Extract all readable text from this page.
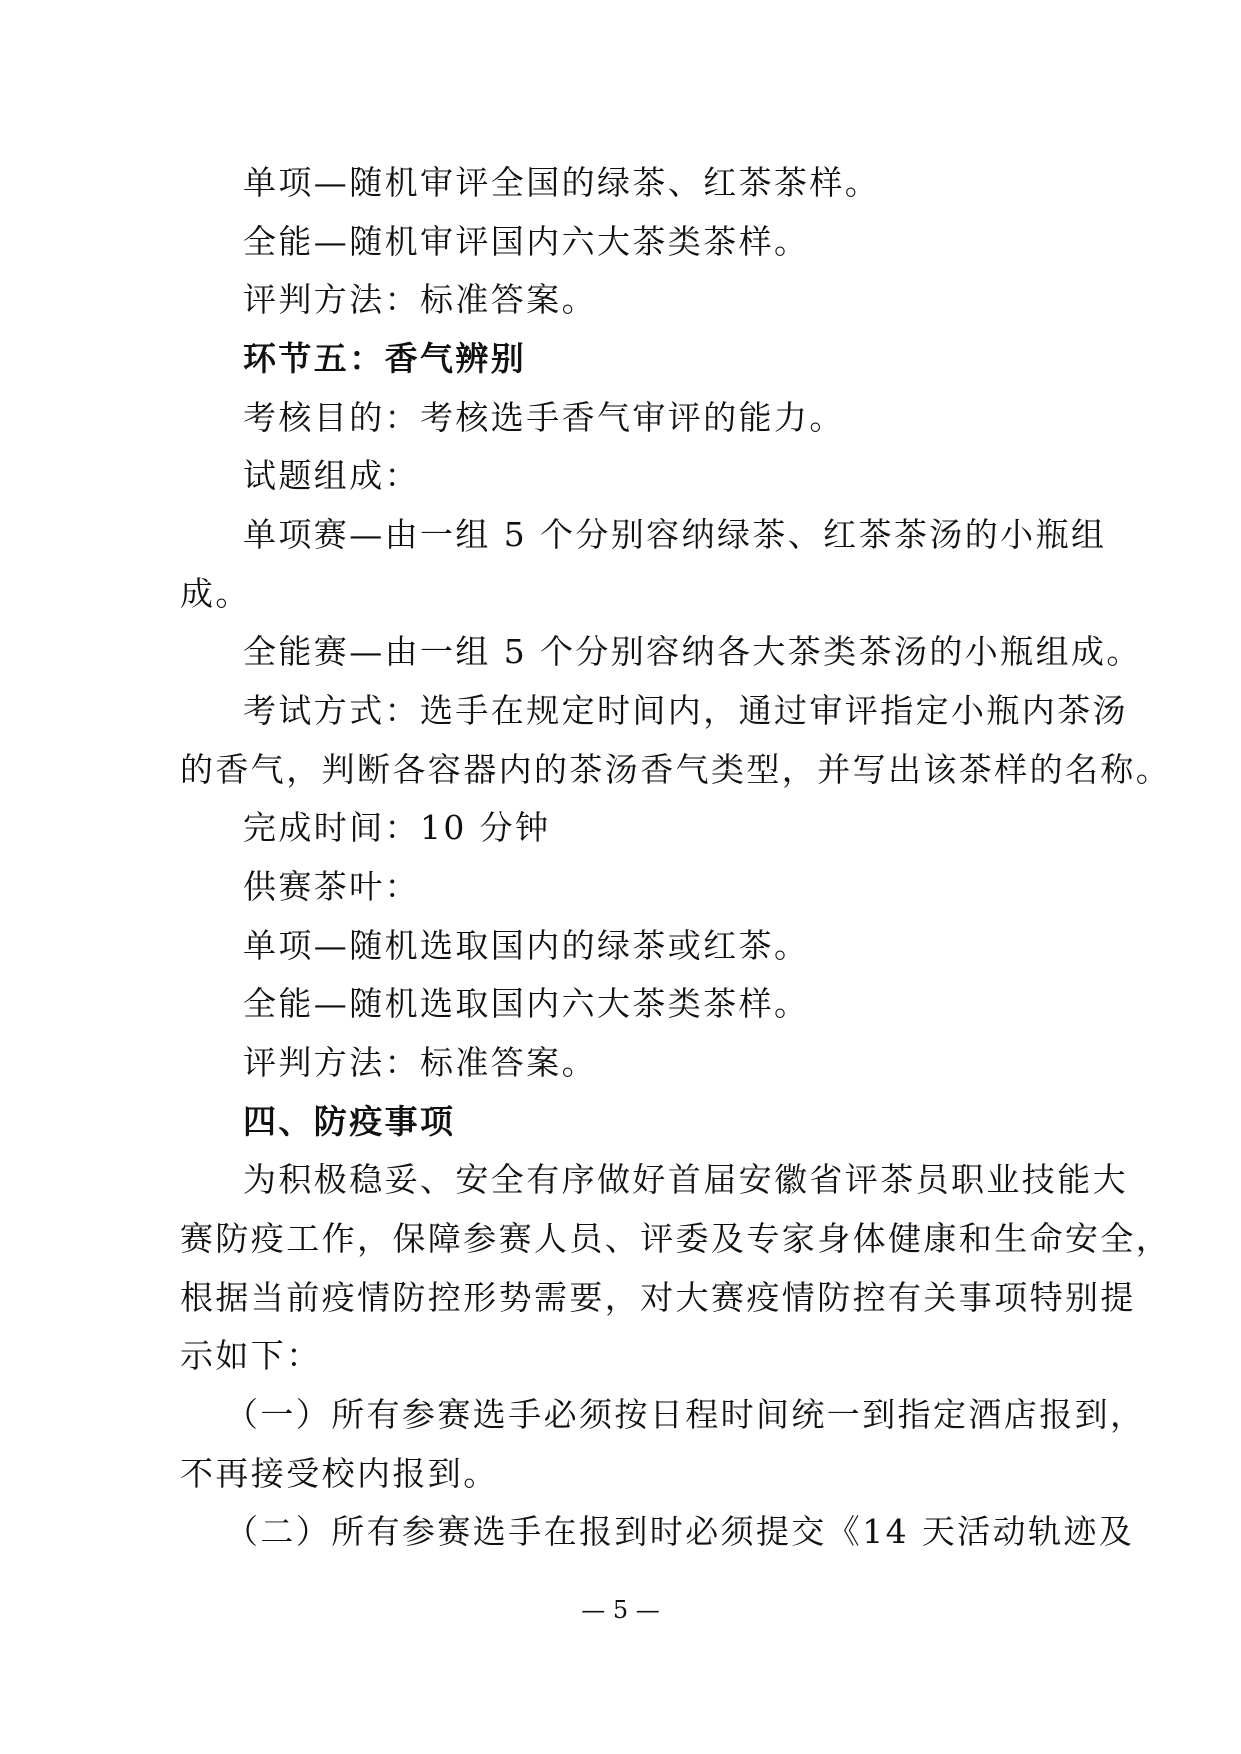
单项—随机审评全国的绿茶、红茶茶样。
全能—随机审评国内六大茶类茶样。
评判方法：标准答案。
环节五：香气辨别
考核目的：考核选手香气审评的能力。
试题组成：
单项赛—由一组 5 个分别容纳绿茶、红茶茶汤的小瓶组
成。
全能赛—由一组 5 个分别容纳各大茶类茶汤的小瓶组成。
考试方式：选手在规定时间内，通过审评指定小瓶内茶汤
的香气，判断各容器内的茶汤香气类型，并写出该茶样的名称。
完成时间：10 分钟
供赛茶叶：
单项—随机选取国内的绿茶或红茶。
全能—随机选取国内六大茶类茶样。
评判方法：标准答案。
四、防疫事项
为积极稳妥、安全有序做好首届安徽省评茶员职业技能大
赛防疫工作，保障参赛人员、评委及专家身体健康和生命安全，
根据当前疫情防控形势需要，对大赛疫情防控有关事项特别提
示如下：
（一）所有参赛选手必须按日程时间统一到指定酒店报到，
不再接受校内报到。
（二）所有参赛选手在报到时必须提交《14 天活动轨迹及
— 5 —
